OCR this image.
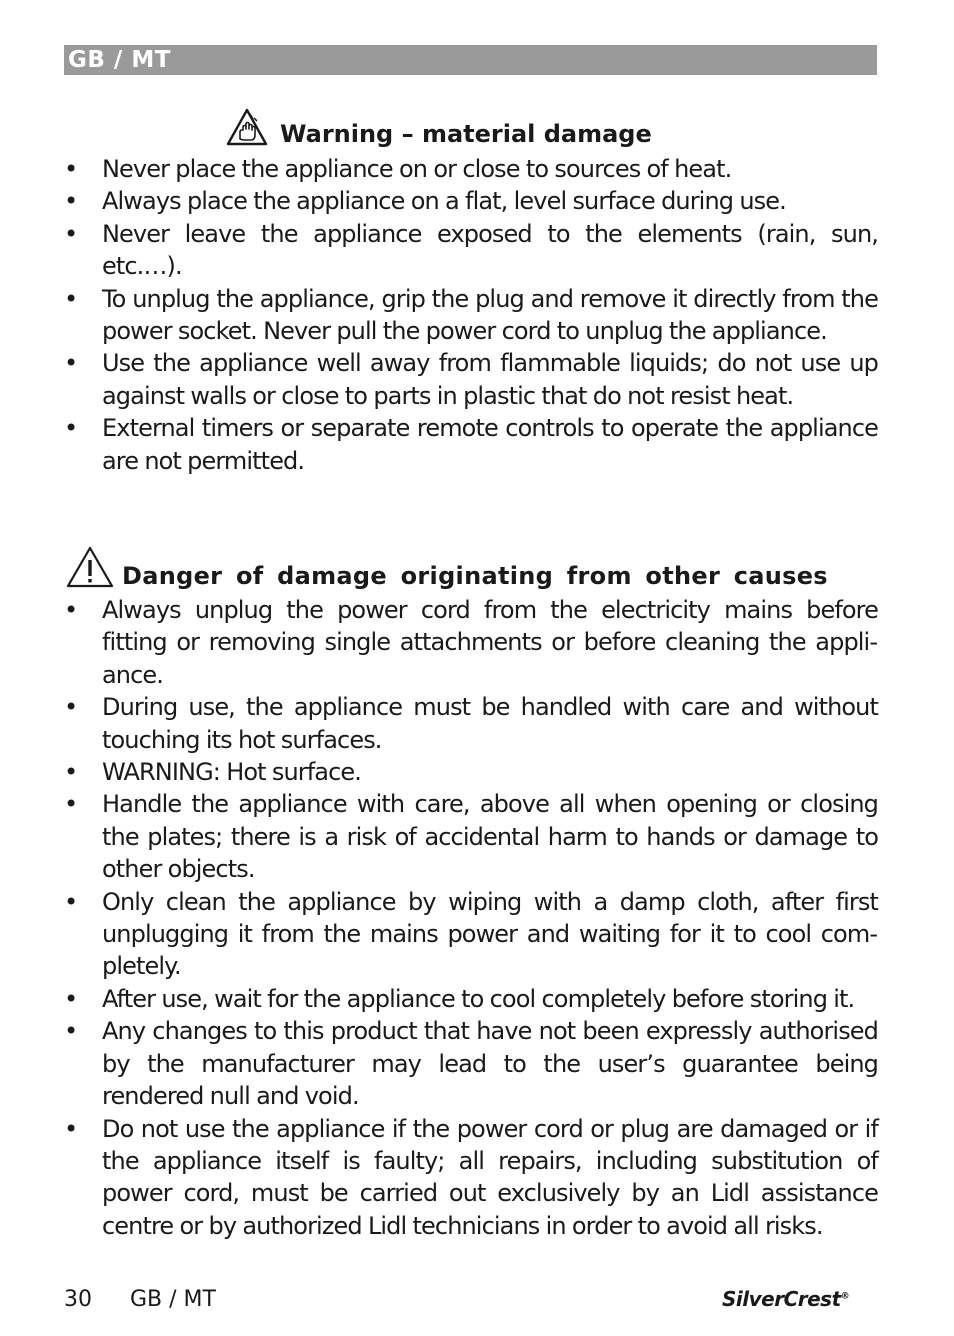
GB / MT
Warning – material damage
• Never place the appliance on or close to sources of heat.
• Always place the appliance on a flat, level surface during use.
• Never leave the appliance exposed to the elements (rain, sun, etc.…).
• To unplug the appliance, grip the plug and remove it directly from the power socket. Never pull the power cord to unplug the appliance.
• Use the appliance well away from flammable liquids; do not use up against walls or close to parts in plastic that do not resist heat.
• External timers or separate remote controls to operate the appliance are not permitted.
Danger of damage originating from other causes
• Always unplug the power cord from the electricity mains before fitting or removing single attachments or before cleaning the appliance.
• During use, the appliance must be handled with care and without touching its hot surfaces.
• WARNING: Hot surface.
• Handle the appliance with care, above all when opening or closing the plates; there is a risk of accidental harm to hands or damage to other objects.
• Only clean the appliance by wiping with a damp cloth, after first unplugging it from the mains power and waiting for it to cool completely.
• After use, wait for the appliance to cool completely before storing it.
• Any changes to this product that have not been expressly authorised by the manufacturer may lead to the user’s guarantee being rendered null and void.
• Do not use the appliance if the power cord or plug are damaged or if the appliance itself is faulty; all repairs, including substitution of power cord, must be carried out exclusively by an Lidl assistance centre or by authorized Lidl technicians in order to avoid all risks.
30 GB / MT	SilverCrest®
